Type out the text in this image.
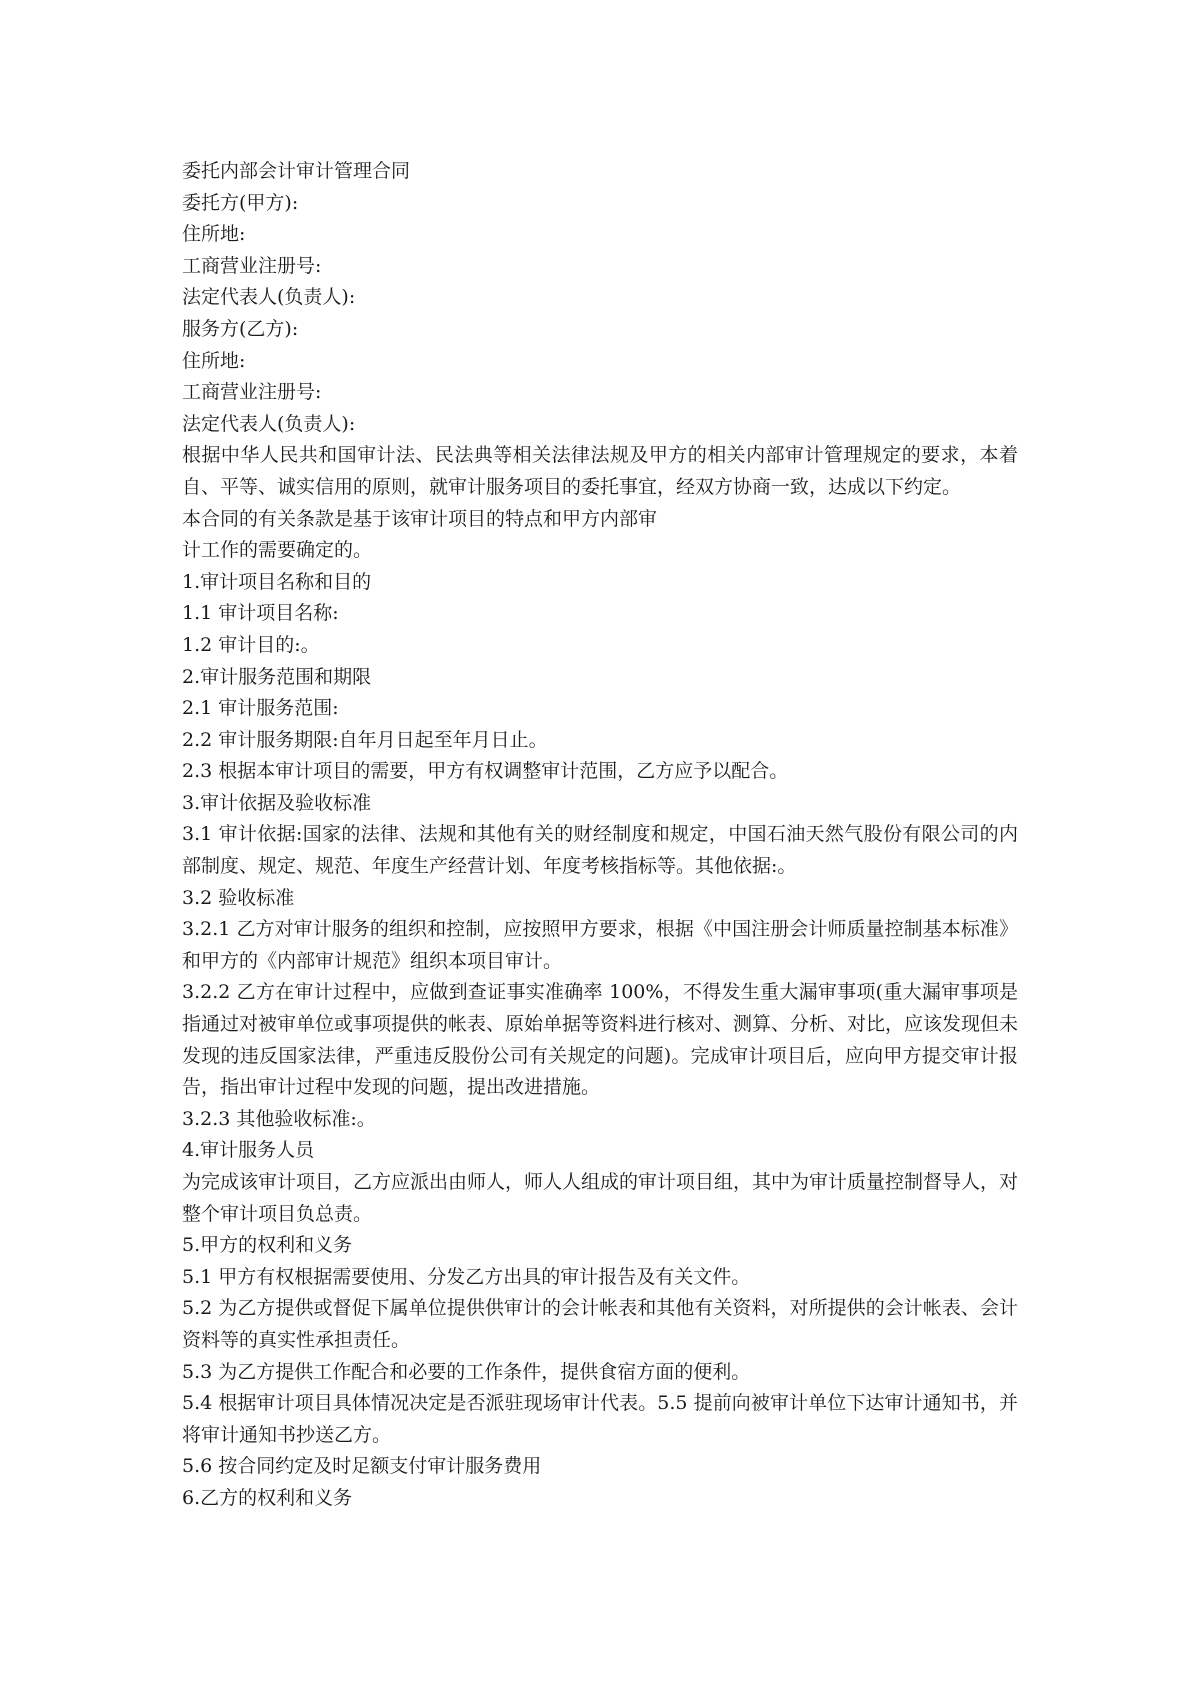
委托内部会计审计管理合同

委托方(甲方):

住所地:

工商营业注册号:

法定代表人(负责人):

服务方(乙方):

住所地:

工商营业注册号:

法定代表人(负责人):

根据中华人民共和国审计法、民法典等相关法律法规及甲方的相关内部审计管理规定的要求，本着自、平等、诚实信用的原则，就审计服务项目的委托事宜，经双方协商一致，达成以下约定。

本合同的有关条款是基于该审计项目的特点和甲方内部审

计工作的需要确定的。

1.审计项目名称和目的

1.1 审计项目名称:

1.2 审计目的:。

2.审计服务范围和期限

2.1 审计服务范围:

2.2 审计服务期限:自年月日起至年月日止。

2.3 根据本审计项目的需要，甲方有权调整审计范围，乙方应予以配合。

3.审计依据及验收标准

3.1 审计依据:国家的法律、法规和其他有关的财经制度和规定，中国石油天然气股份有限公司的内部制度、规定、规范、年度生产经营计划、年度考核指标等。其他依据:。

3.2 验收标准

3.2.1 乙方对审计服务的组织和控制，应按照甲方要求，根据《中国注册会计师质量控制基本标准》和甲方的《内部审计规范》组织本项目审计。

3.2.2 乙方在审计过程中，应做到查证事实准确率 100%，不得发生重大漏审事项(重大漏审事项是指通过对被审单位或事项提供的帐表、原始单据等资料进行核对、测算、分析、对比，应该发现但未发现的违反国家法律，严重违反股份公司有关规定的问题)。完成审计项目后，应向甲方提交审计报告，指出审计过程中发现的问题，提出改进措施。

3.2.3 其他验收标准:。

4.审计服务人员

为完成该审计项目，乙方应派出由师人，师人人组成的审计项目组，其中为审计质量控制督导人，对整个审计项目负总责。

5.甲方的权利和义务

5.1 甲方有权根据需要使用、分发乙方出具的审计报告及有关文件。

5.2 为乙方提供或督促下属单位提供供审计的会计帐表和其他有关资料，对所提供的会计帐表、会计资料等的真实性承担责任。

5.3 为乙方提供工作配合和必要的工作条件，提供食宿方面的便利。

5.4 根据审计项目具体情况决定是否派驻现场审计代表。5.5 提前向被审计单位下达审计通知书，并将审计通知书抄送乙方。

5.6 按合同约定及时足额支付审计服务费用

6.乙方的权利和义务
